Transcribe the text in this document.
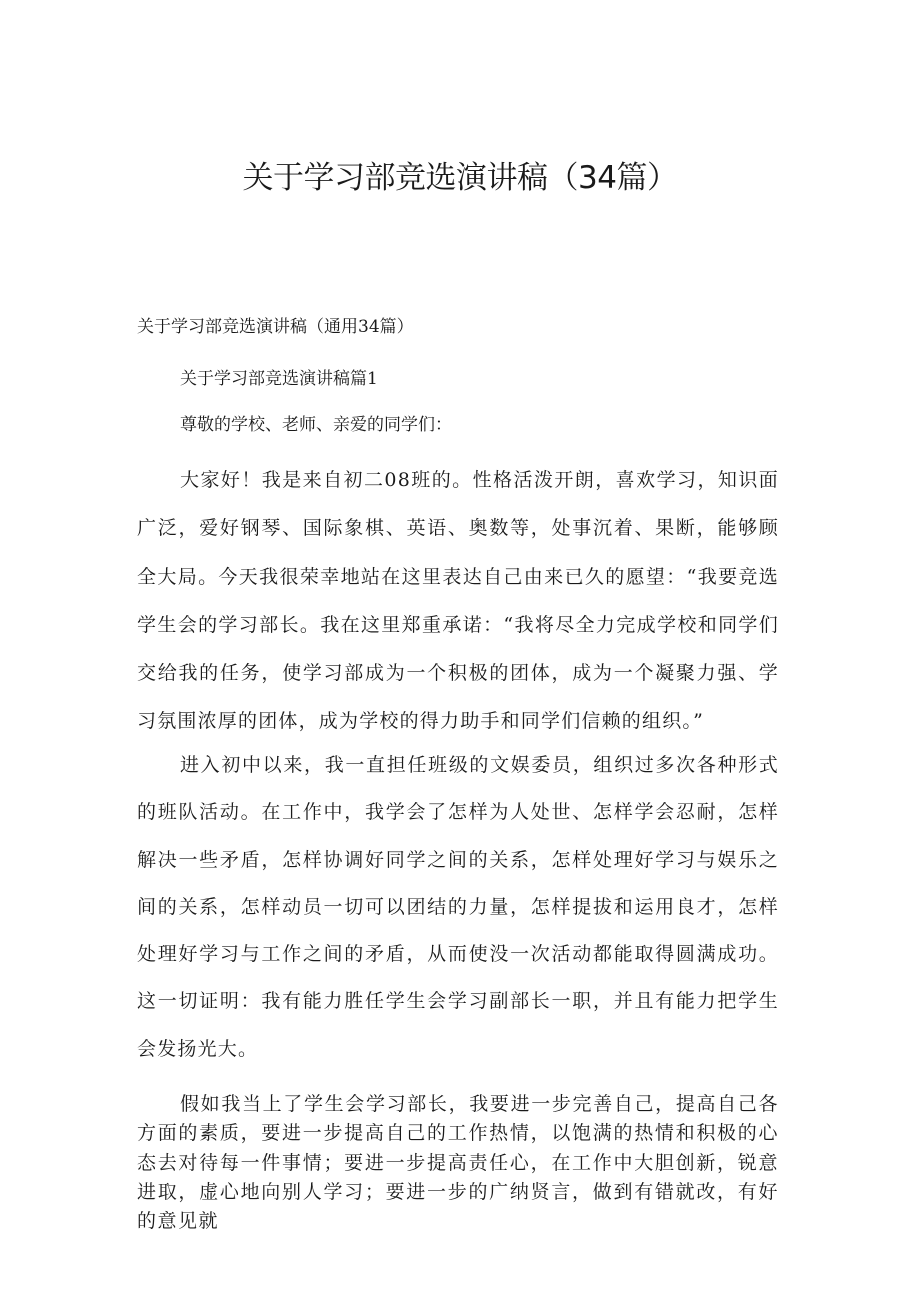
关于学习部竞选演讲稿（34篇）

关于学习部竞选演讲稿（通用34篇）

关于学习部竞选演讲稿篇1

尊敬的学校、老师、亲爱的同学们：

大家好！我是来自初二08班的。性格活泼开朗，喜欢学习，知识面广泛，爱好钢琴、国际象棋、英语、奥数等，处事沉着、果断，能够顾全大局。今天我很荣幸地站在这里表达自己由来已久的愿望：“我要竞选学生会的学习部长。我在这里郑重承诺：“我将尽全力完成学校和同学们交给我的任务，使学习部成为一个积极的团体，成为一个凝聚力强、学习氛围浓厚的团体，成为学校的得力助手和同学们信赖的组织。”

进入初中以来，我一直担任班级的文娱委员，组织过多次各种形式的班队活动。在工作中，我学会了怎样为人处世、怎样学会忍耐，怎样解决一些矛盾，怎样协调好同学之间的关系，怎样处理好学习与娱乐之间的关系，怎样动员一切可以团结的力量，怎样提拔和运用良才，怎样处理好学习与工作之间的矛盾，从而使没一次活动都能取得圆满成功。这一切证明：我有能力胜任学生会学习副部长一职，并且有能力把学生会发扬光大。

假如我当上了学生会学习部长，我要进一步完善自己，提高自己各方面的素质，要进一步提高自己的工作热情，以饱满的热情和积极的心态去对待每一件事情；要进一步提高责任心，在工作中大胆创新，锐意进取，虚心地向别人学习；要进一步的广纳贤言，做到有错就改，有好的意见就
